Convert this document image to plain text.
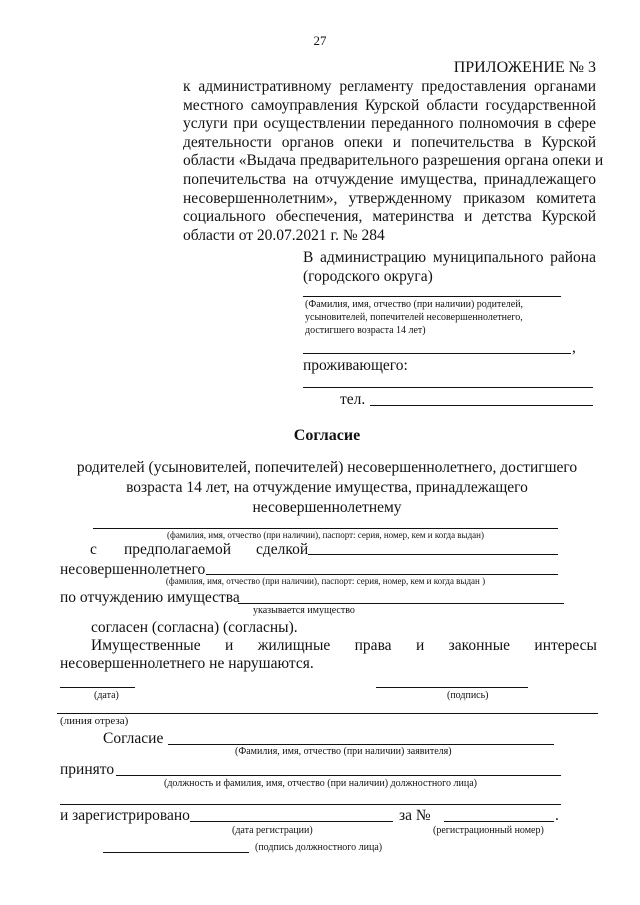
27
ПРИЛОЖЕНИЕ № 3
к административному регламенту предоставления органами
местного самоуправления Курской области государственной
услуги при осуществлении переданного полномочия в сфере
деятельности органов опеки и попечительства в Курской
области «Выдача предварительного разрешения органа опеки и
попечительства на отчуждение имущества, принадлежащего
несовершеннолетним», утвержденному приказом комитета
социального обеспечения, материнства и детства Курской
области от 20.07.2021 г. № 284
В администрацию муниципального района
(городского округа)
(Фамилия, имя, отчество (при наличии) родителей,
усыновителей, попечителей несовершеннолетнего,
достигшего возраста 14 лет)
,
проживающего:
тел.
Согласие
родителей (усыновителей, попечителей) несовершеннолетнего, достигшего
возраста 14 лет, на отчуждение имущества, принадлежащего
несовершеннолетнему
(фамилия, имя, отчество (при наличии), паспорт: серия, номер, кем и когда выдан)
с предполагаемой сделкой
несовершеннолетнего
(фамилия, имя, отчество (при наличии), паспорт: серия, номер, кем и когда выдан )
по отчуждению имущества
указывается имущество
согласен (согласна) (согласны).
Имущественные и жилищные права и законные интересы
несовершеннолетнего не нарушаются.
(дата)	(подпись)
(линия отреза)
Согласие
(Фамилия, имя, отчество (при наличии) заявителя)
принято
(должность и фамилия, имя, отчество (при наличии) должностного лица)
и зарегистрировано	за №	.
(дата регистрации)	(регистрационный номер)
(подпись должностного лица)
